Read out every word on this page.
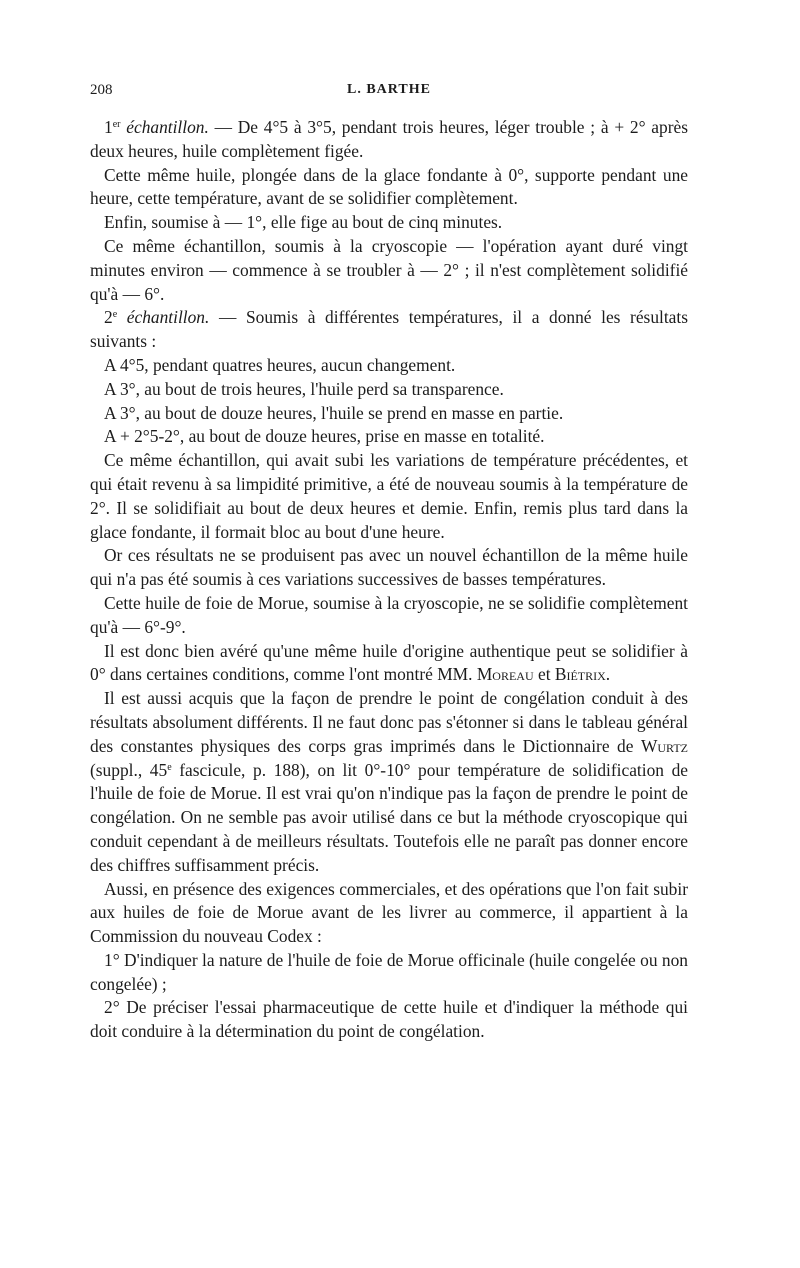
208	L. BARTHE

1er échantillon. — De 4°5 à 3°5, pendant trois heures, léger trouble ; à + 2° après deux heures, huile complètement figée.

Cette même huile, plongée dans de la glace fondante à 0°, supporte pendant une heure, cette température, avant de se solidifier complètement.

Enfin, soumise à — 1°, elle fige au bout de cinq minutes.

Ce même échantillon, soumis à la cryoscopie — l'opération ayant duré vingt minutes environ — commence à se troubler à — 2° ; il n'est complètement solidifié qu'à — 6°.

2e échantillon. — Soumis à différentes températures, il a donné les résultats suivants :

A 4°5, pendant quatres heures, aucun changement.

A 3°, au bout de trois heures, l'huile perd sa transparence.

A 3°, au bout de douze heures, l'huile se prend en masse en partie.

A + 2°5-2°, au bout de douze heures, prise en masse en totalité.

Ce même échantillon, qui avait subi les variations de température précédentes, et qui était revenu à sa limpidité primitive, a été de nouveau soumis à la température de 2°. Il se solidifiait au bout de deux heures et demie. Enfin, remis plus tard dans la glace fondante, il formait bloc au bout d'une heure.

Or ces résultats ne se produisent pas avec un nouvel échantillon de la même huile qui n'a pas été soumis à ces variations successives de basses températures.

Cette huile de foie de Morue, soumise à la cryoscopie, ne se solidifie complètement qu'à — 6°-9°.

Il est donc bien avéré qu'une même huile d'origine authentique peut se solidifier à 0° dans certaines conditions, comme l'ont montré MM. Moreau et Biétrix.

Il est aussi acquis que la façon de prendre le point de congélation conduit à des résultats absolument différents. Il ne faut donc pas s'étonner si dans le tableau général des constantes physiques des corps gras imprimés dans le Dictionnaire de Wurtz (suppl., 45e fascicule, p. 188), on lit 0°-10° pour température de solidification de l'huile de foie de Morue. Il est vrai qu'on n'indique pas la façon de prendre le point de congélation. On ne semble pas avoir utilisé dans ce but la méthode cryoscopique qui conduit cependant à de meilleurs résultats. Toutefois elle ne paraît pas donner encore des chiffres suffisamment précis.

Aussi, en présence des exigences commerciales, et des opérations que l'on fait subir aux huiles de foie de Morue avant de les livrer au commerce, il appartient à la Commission du nouveau Codex :

1° D'indiquer la nature de l'huile de foie de Morue officinale (huile congelée ou non congelée) ;

2° De préciser l'essai pharmaceutique de cette huile et d'indiquer la méthode qui doit conduire à la détermination du point de congélation.
